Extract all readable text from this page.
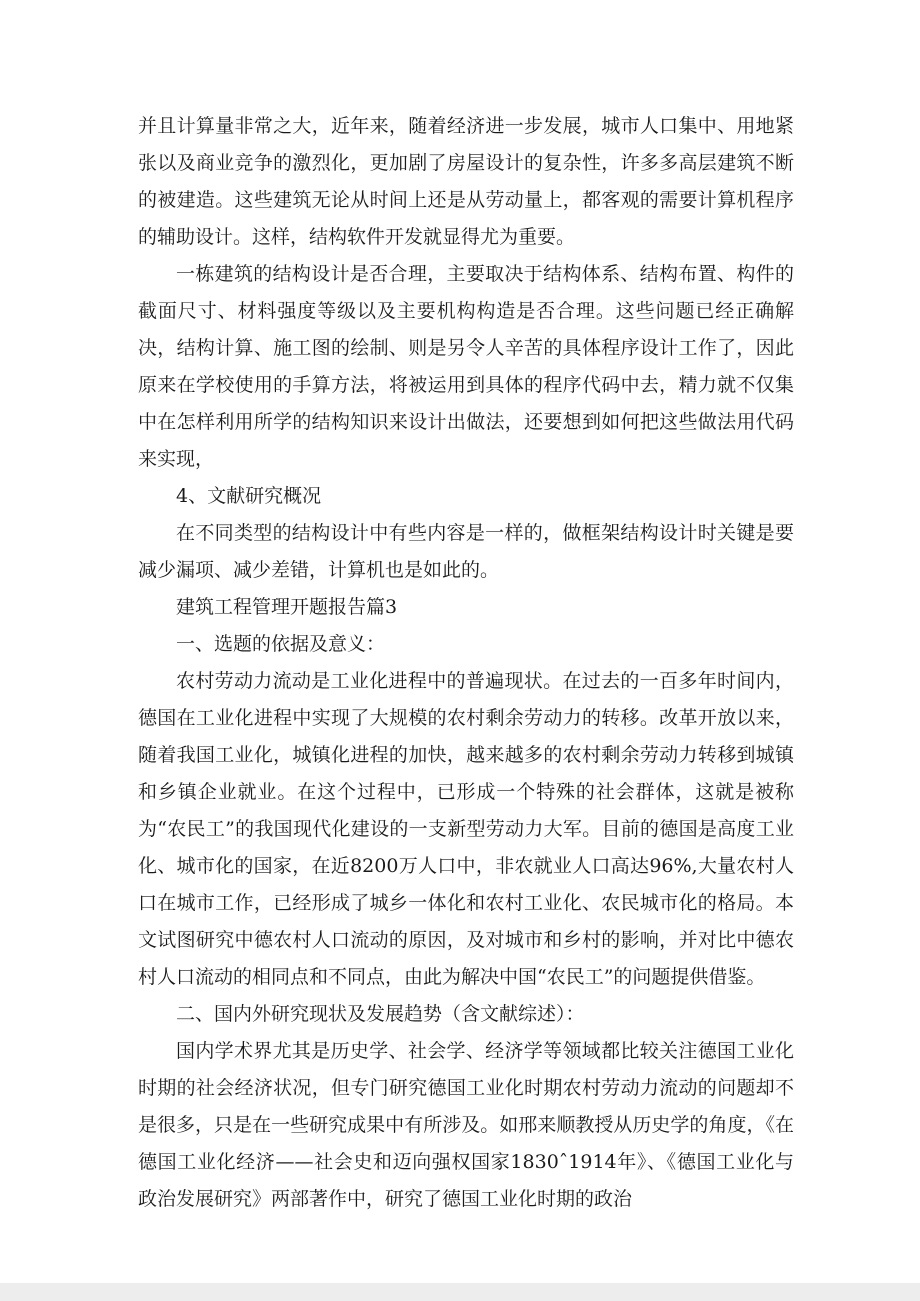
并且计算量非常之大，近年来，随着经济进一步发展，城市人口集中、用地紧张以及商业竞争的激烈化，更加剧了房屋设计的复杂性，许多多高层建筑不断的被建造。这些建筑无论从时间上还是从劳动量上，都客观的需要计算机程序的辅助设计。这样，结构软件开发就显得尤为重要。

一栋建筑的结构设计是否合理，主要取决于结构体系、结构布置、构件的截面尺寸、材料强度等级以及主要机构构造是否合理。这些问题已经正确解决，结构计算、施工图的绘制、则是另令人辛苦的具体程序设计工作了，因此原来在学校使用的手算方法，将被运用到具体的程序代码中去，精力就不仅集中在怎样利用所学的结构知识来设计出做法，还要想到如何把这些做法用代码来实现，

4、文献研究概况

在不同类型的结构设计中有些内容是一样的，做框架结构设计时关键是要减少漏项、减少差错，计算机也是如此的。

建筑工程管理开题报告篇3

一、选题的依据及意义：

农村劳动力流动是工业化进程中的普遍现状。在过去的一百多年时间内，德国在工业化进程中实现了大规模的农村剩余劳动力的转移。改革开放以来，随着我国工业化，城镇化进程的加快，越来越多的农村剩余劳动力转移到城镇和乡镇企业就业。在这个过程中，已形成一个特殊的社会群体，这就是被称为“农民工”的我国现代化建设的一支新型劳动力大军。目前的德国是高度工业化、城市化的国家，在近8200万人口中，非农就业人口高达96%,大量农村人口在城市工作，已经形成了城乡一体化和农村工业化、农民城市化的格局。本文试图研究中德农村人口流动的原因，及对城市和乡村的影响，并对比中德农村人口流动的相同点和不同点，由此为解决中国“农民工”的问题提供借鉴。

二、国内外研究现状及发展趋势（含文献综述）：

国内学术界尤其是历史学、社会学、经济学等领域都比较关注德国工业化时期的社会经济状况，但专门研究德国工业化时期农村劳动力流动的问题却不是很多，只是在一些研究成果中有所涉及。如邢来顺教授从历史学的角度，《在德国工业化经济——社会史和迈向强权国家1830ˆ1914年》、《德国工业化与政治发展研究》两部著作中，研究了德国工业化时期的政治
